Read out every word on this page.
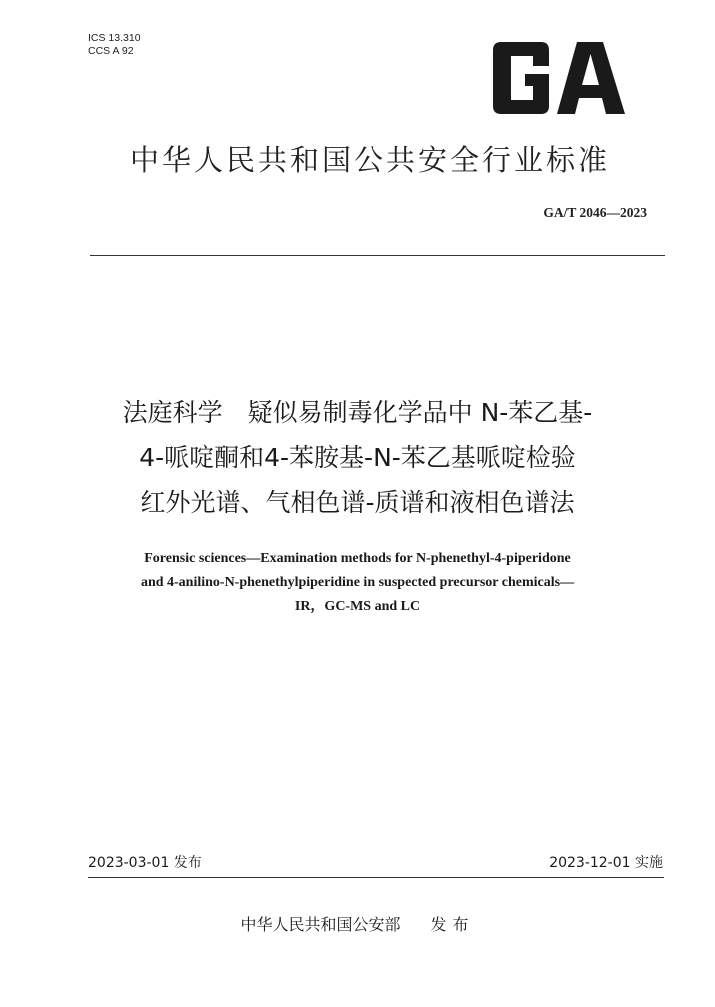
ICS 13.310
CCS A 92
中华人民共和国公共安全行业标准
GA/T 2046—2023
法庭科学　疑似易制毒化学品中 N-苯乙基-
4-哌啶酮和4-苯胺基-N-苯乙基哌啶检验
红外光谱、气相色谱-质谱和液相色谱法
Forensic sciences—Examination methods for N-phenethyl-4-piperidone
and 4-anilino-N-phenethylpiperidine in suspected precursor chemicals—
IR，GC-MS and LC
2023-03-01 发布	2023-12-01 实施
中华人民共和国公安部 发布
